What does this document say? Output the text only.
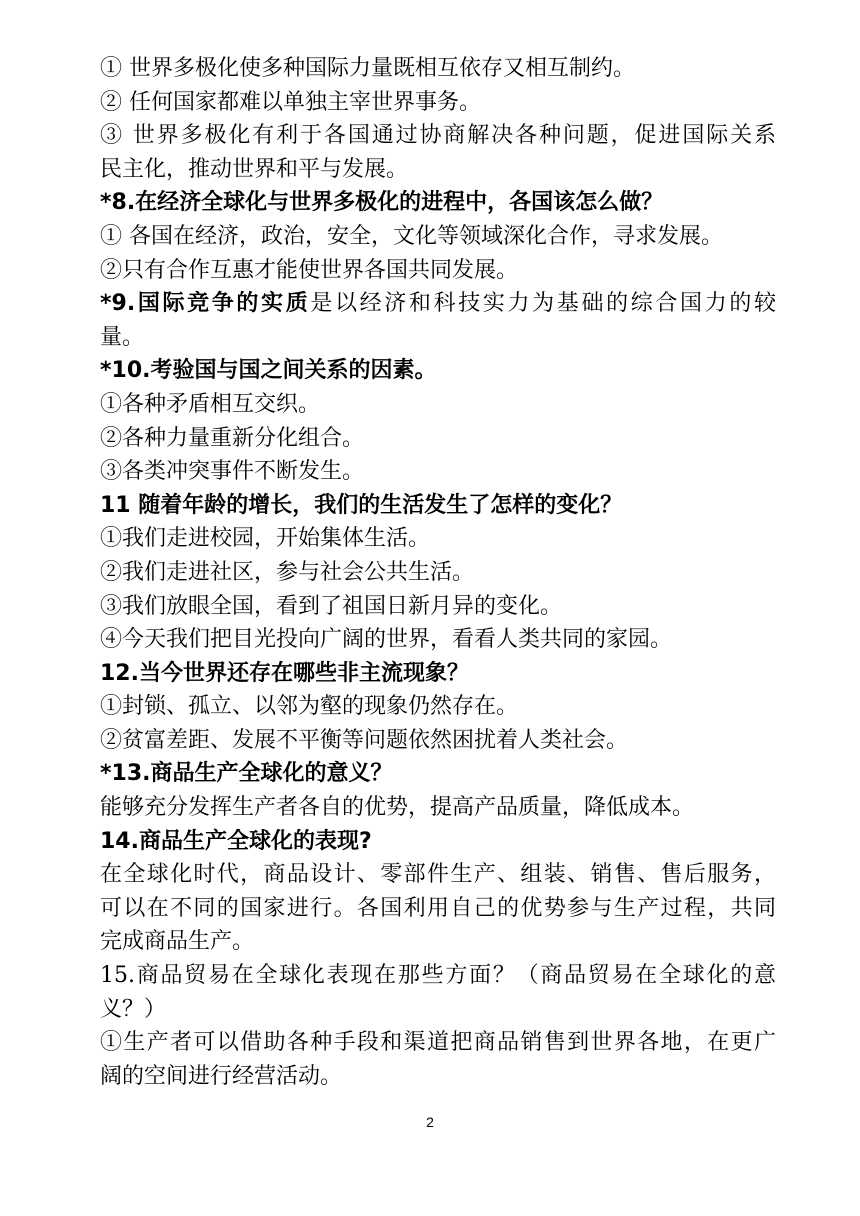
① 世界多极化使多种国际力量既相互依存又相互制约。
② 任何国家都难以单独主宰世界事务。
③ 世界多极化有利于各国通过协商解决各种问题，促进国际关系
民主化，推动世界和平与发展。
*8.在经济全球化与世界多极化的进程中，各国该怎么做？
① 各国在经济，政治，安全，文化等领域深化合作，寻求发展。
②只有合作互惠才能使世界各国共同发展。
*9.国际竞争的实质是以经济和科技实力为基础的综合国力的较
量。
*10.考验国与国之间关系的因素。
①各种矛盾相互交织。
②各种力量重新分化组合。
③各类冲突事件不断发生。
11 随着年龄的增长，我们的生活发生了怎样的变化？
①我们走进校园，开始集体生活。
②我们走进社区，参与社会公共生活。
③我们放眼全国，看到了祖国日新月异的变化。
④今天我们把目光投向广阔的世界，看看人类共同的家园。
12.当今世界还存在哪些非主流现象？
①封锁、孤立、以邻为壑的现象仍然存在。
②贫富差距、发展不平衡等问题依然困扰着人类社会。
*13.商品生产全球化的意义？
能够充分发挥生产者各自的优势，提高产品质量，降低成本。
14.商品生产全球化的表现?
在全球化时代，商品设计、零部件生产、组装、销售、售后服务，
可以在不同的国家进行。各国利用自己的优势参与生产过程，共同
完成商品生产。
15.商品贸易在全球化表现在那些方面？（商品贸易在全球化的意
义？）
①生产者可以借助各种手段和渠道把商品销售到世界各地，在更广
阔的空间进行经营活动。
2
